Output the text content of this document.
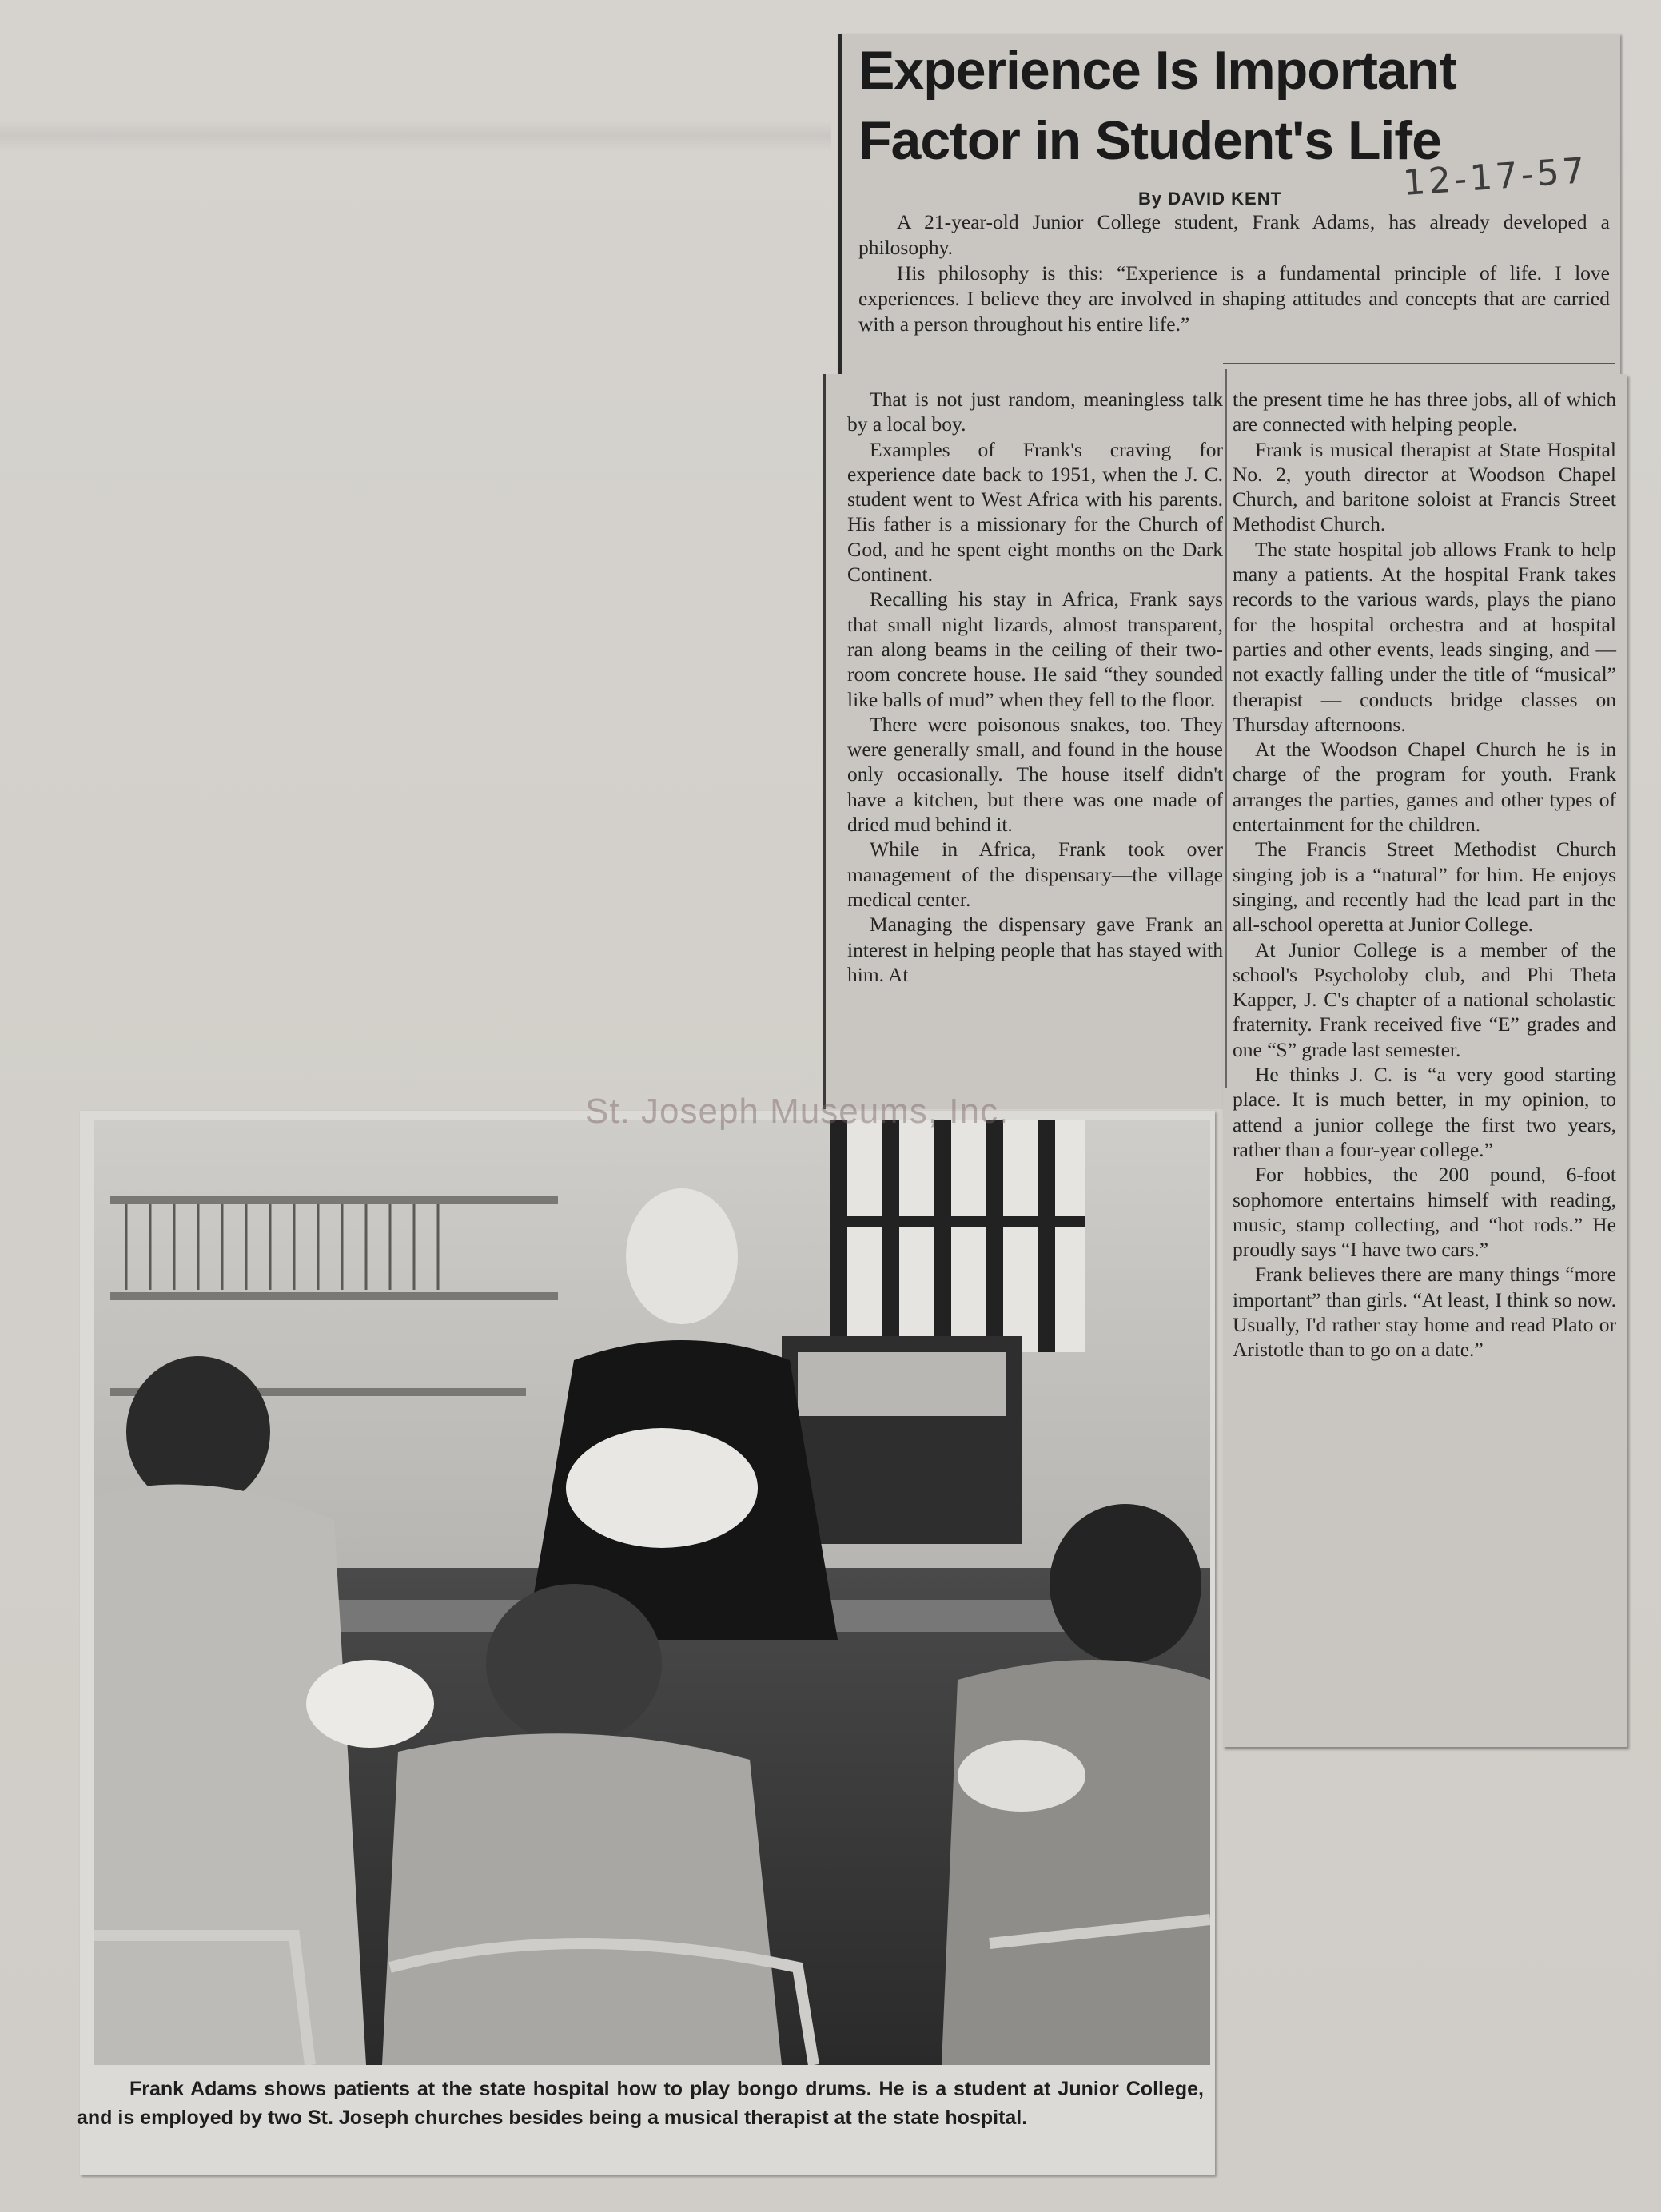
Experience Is Important
Factor in Student's Life
By DAVID KENT	12-17-57

A 21-year-old Junior College student, Frank Adams, has already developed a philosophy.

His philosophy is this: “Experience is a fundamental principle of life. I love experiences. I believe they are involved in shaping attitudes and concepts that are carried with a person throughout his entire life.”

That is not just random, meaningless talk by a local boy.

Examples of Frank's craving for experience date back to 1951, when the J. C. student went to West Africa with his parents. His father is a missionary for the Church of God, and he spent eight months on the Dark Continent.

Recalling his stay in Africa, Frank says that small night lizards, almost transparent, ran along beams in the ceiling of their two-room concrete house. He said “they sounded like balls of mud” when they fell to the floor.

There were poisonous snakes, too. They were generally small, and found in the house only occasionally. The house itself didn't have a kitchen, but there was one made of dried mud behind it.

While in Africa, Frank took over management of the dispensary—the village medical center.

Managing the dispensary gave Frank an interest in helping people that has stayed with him. At

the present time he has three jobs, all of which are connected with helping people.

Frank is musical therapist at State Hospital No. 2, youth director at Woodson Chapel Church, and baritone soloist at Francis Street Methodist Church.

The state hospital job allows Frank to help many a patients. At the hospital Frank takes records to the various wards, plays the piano for the hospital orchestra and at hospital parties and other events, leads singing, and — not exactly falling under the title of “musical” therapist — conducts bridge classes on Thursday afternoons.

At the Woodson Chapel Church he is in charge of the program for youth. Frank arranges the parties, games and other types of entertainment for the children.

The Francis Street Methodist Church singing job is a “natural” for him. He enjoys singing, and recently had the lead part in the all-school operetta at Junior College.

At Junior College is a member of the school's Psycholoby club, and Phi Theta Kapper, J. C's chapter of a national scholastic fraternity. Frank received five “E” grades and one “S” grade last semester.

He thinks J. C. is “a very good starting place. It is much better, in my opinion, to attend a junior college the first two years, rather than a four-year college.”

For hobbies, the 200 pound, 6-foot sophomore entertains himself with reading, music, stamp collecting, and “hot rods.” He proudly says “I have two cars.”

Frank believes there are many things “more important” than girls. “At least, I think so now. Usually, I'd rather stay home and read Plato or Aristotle than to go on a date.”

St. Joseph Museums, Inc.
Frank Adams shows patients at the state hospital how to play bongo drums. He is a student at Junior College, and is employed by two St. Joseph churches besides being a musical therapist at the state hospital.
